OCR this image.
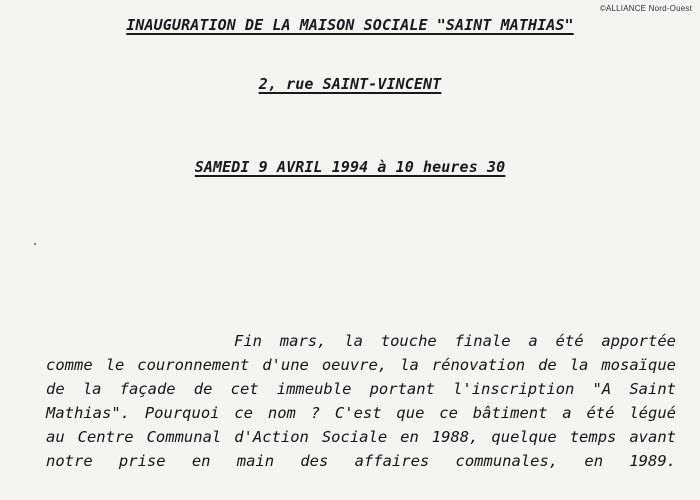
©ALLIANCE Nord-Ouest
INAUGURATION DE LA MAISON SOCIALE "SAINT MATHIAS"
2, rue SAINT-VINCENT
SAMEDI 9 AVRIL 1994 à 10 heures 30
Fin mars, la touche finale a été apportée
comme le couronnement d'une oeuvre, la rénovation de la mosaïque
de la façade de cet immeuble portant l'inscription "A Saint
Mathias". Pourquoi ce nom ? C'est que ce bâtiment a été légué
au Centre Communal d'Action Sociale en 1988, quelque temps avant
notre prise en main des affaires communales, en 1989.
